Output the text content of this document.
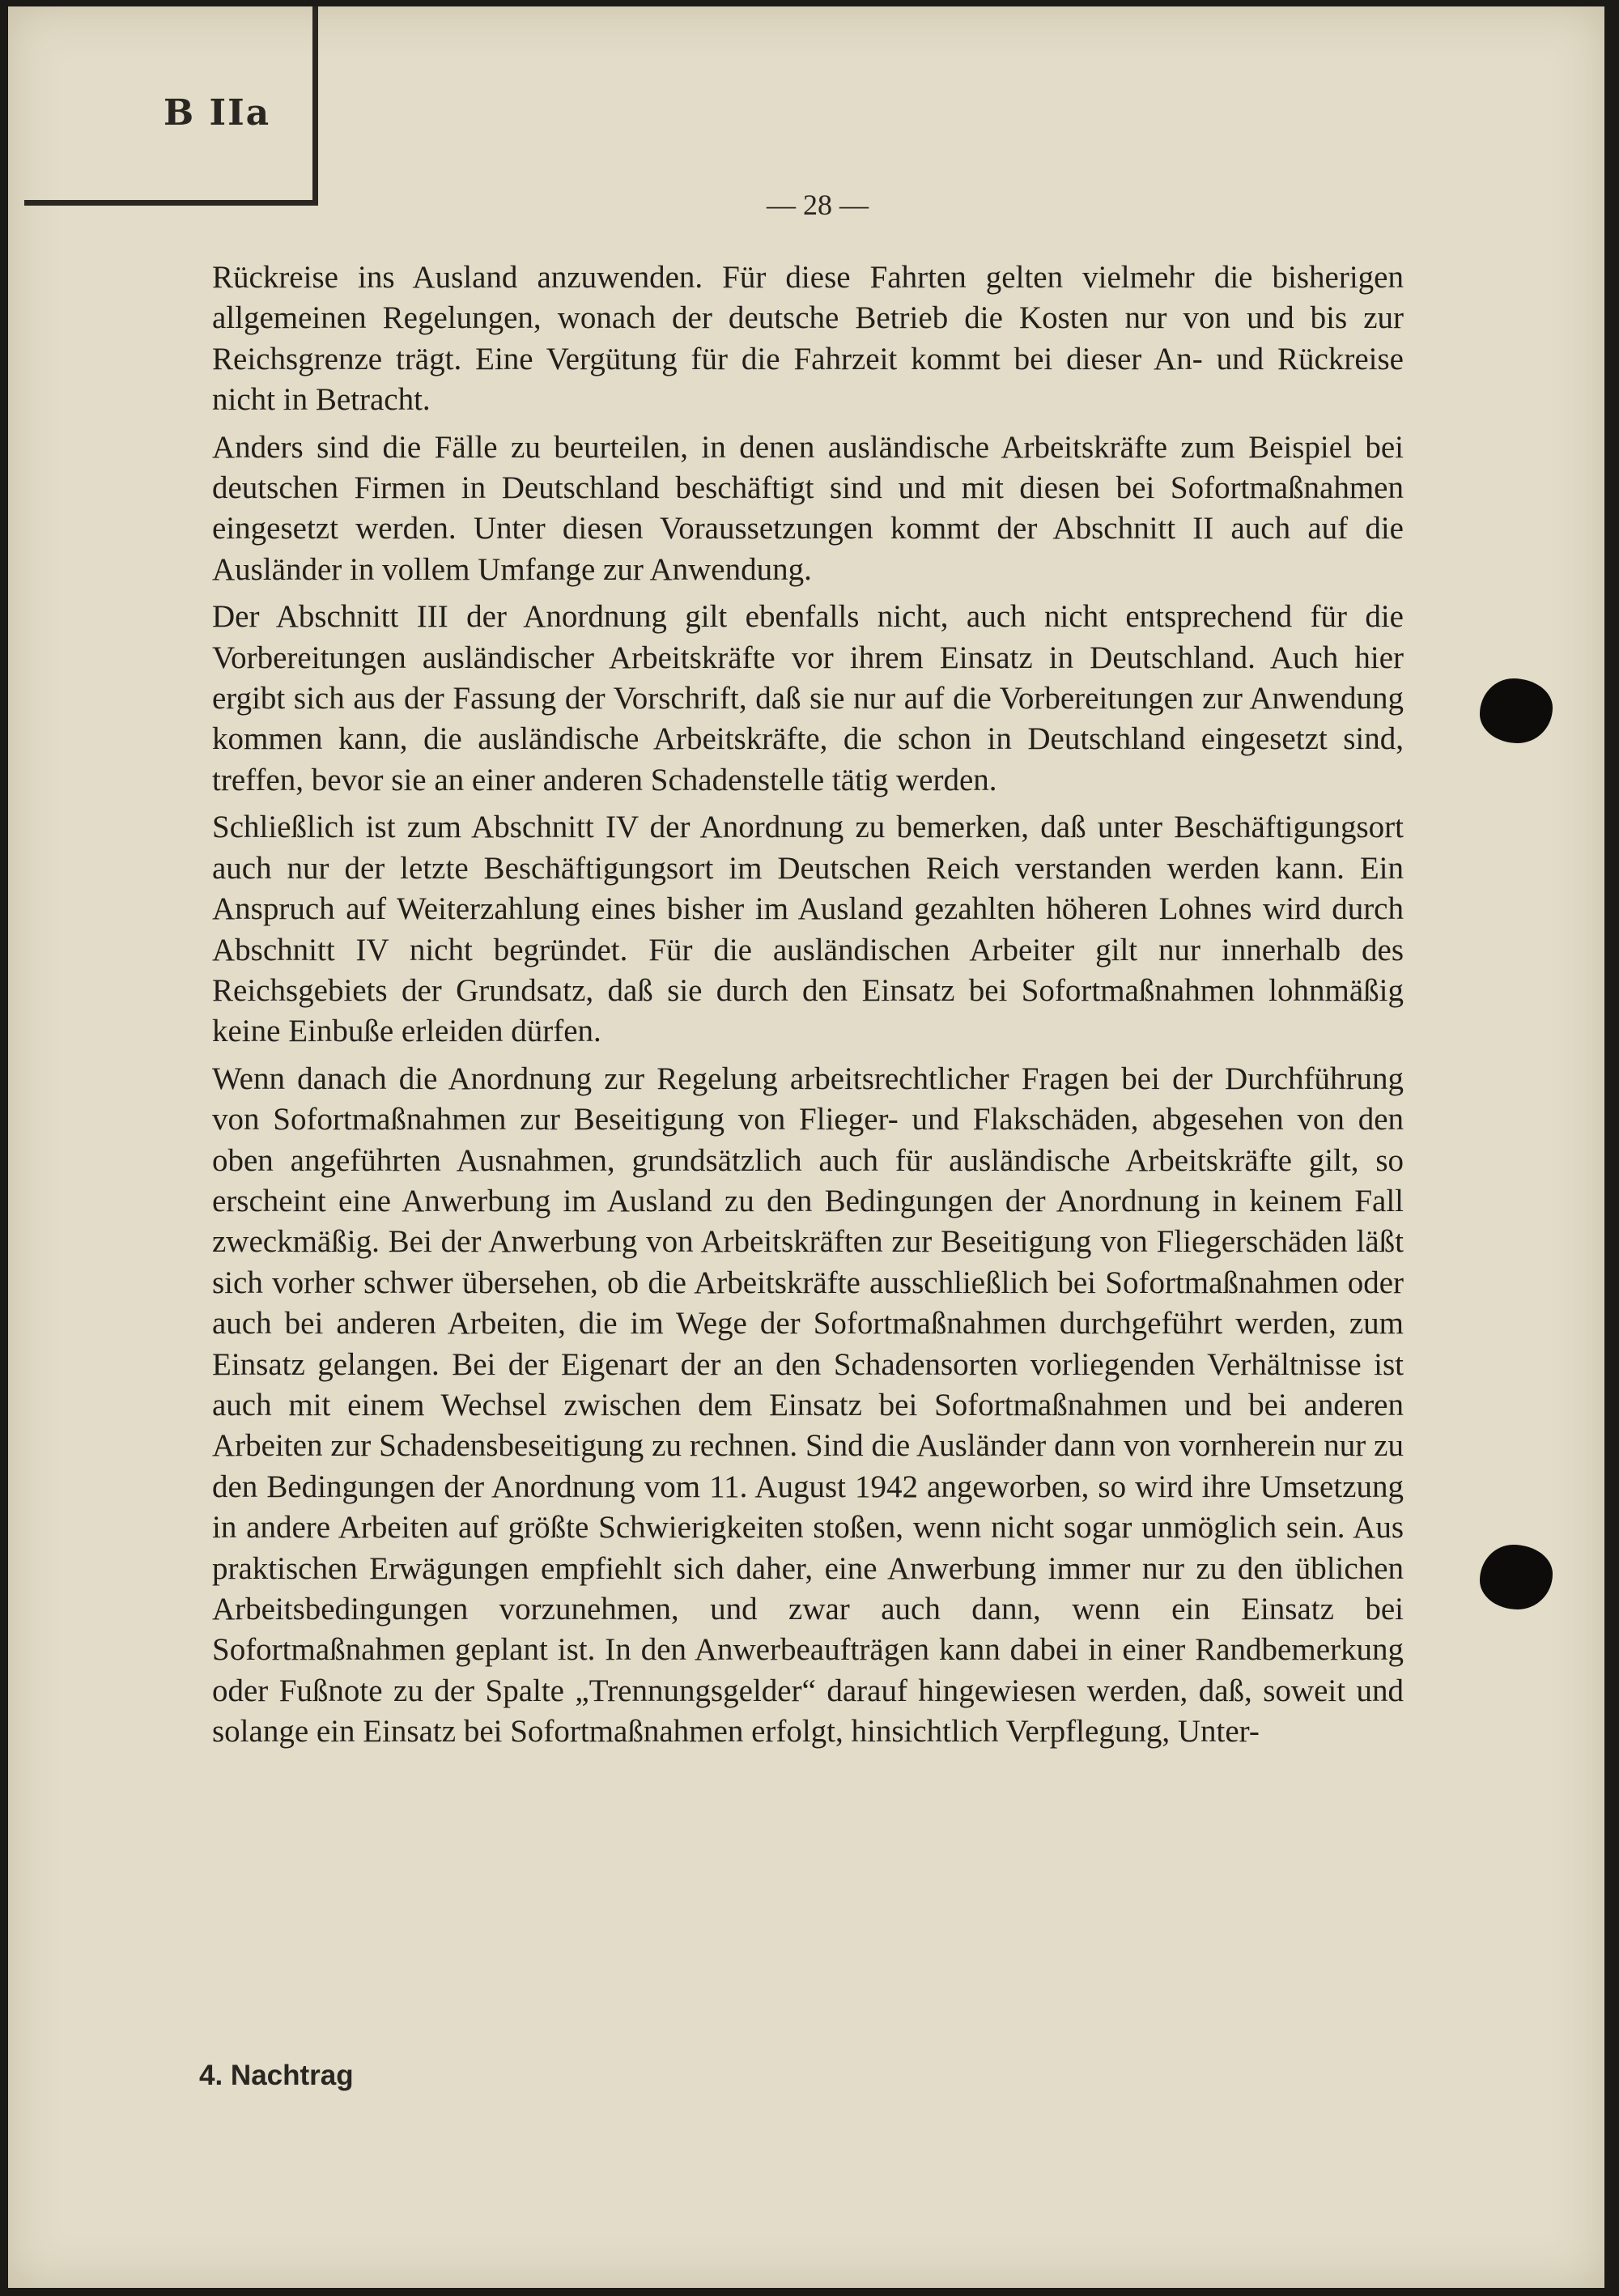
B IIa
— 28 —

Rückreise ins Ausland anzuwenden. Für diese Fahrten gelten vielmehr die bisherigen allgemeinen Regelungen, wonach der deutsche Betrieb die Kosten nur von und bis zur Reichsgrenze trägt. Eine Vergütung für die Fahrzeit kommt bei dieser An- und Rückreise nicht in Betracht.

Anders sind die Fälle zu beurteilen, in denen ausländische Arbeitskräfte zum Beispiel bei deutschen Firmen in Deutschland beschäftigt sind und mit diesen bei Sofortmaßnahmen eingesetzt werden. Unter diesen Voraussetzungen kommt der Abschnitt II auch auf die Ausländer in vollem Umfange zur Anwendung.

Der Abschnitt III der Anordnung gilt ebenfalls nicht, auch nicht entsprechend für die Vorbereitungen ausländischer Arbeitskräfte vor ihrem Einsatz in Deutschland. Auch hier ergibt sich aus der Fassung der Vorschrift, daß sie nur auf die Vorbereitungen zur Anwendung kommen kann, die ausländische Arbeitskräfte, die schon in Deutschland eingesetzt sind, treffen, bevor sie an einer anderen Schadenstelle tätig werden.

Schließlich ist zum Abschnitt IV der Anordnung zu bemerken, daß unter Beschäftigungsort auch nur der letzte Beschäftigungsort im Deutschen Reich verstanden werden kann. Ein Anspruch auf Weiterzahlung eines bisher im Ausland gezahlten höheren Lohnes wird durch Abschnitt IV nicht begründet. Für die ausländischen Arbeiter gilt nur innerhalb des Reichsgebiets der Grundsatz, daß sie durch den Einsatz bei Sofortmaßnahmen lohnmäßig keine Einbuße erleiden dürfen.

Wenn danach die Anordnung zur Regelung arbeitsrechtlicher Fragen bei der Durchführung von Sofortmaßnahmen zur Beseitigung von Flieger- und Flakschäden, abgesehen von den oben angeführten Ausnahmen, grundsätzlich auch für ausländische Arbeitskräfte gilt, so erscheint eine Anwerbung im Ausland zu den Bedingungen der Anordnung in keinem Fall zweckmäßig. Bei der Anwerbung von Arbeitskräften zur Beseitigung von Fliegerschäden läßt sich vorher schwer übersehen, ob die Arbeitskräfte ausschließlich bei Sofortmaßnahmen oder auch bei anderen Arbeiten, die im Wege der Sofortmaßnahmen durchgeführt werden, zum Einsatz gelangen. Bei der Eigenart der an den Schadensorten vorliegenden Verhältnisse ist auch mit einem Wechsel zwischen dem Einsatz bei Sofortmaßnahmen und bei anderen Arbeiten zur Schadensbeseitigung zu rechnen. Sind die Ausländer dann von vornherein nur zu den Bedingungen der Anordnung vom 11. August 1942 angeworben, so wird ihre Umsetzung in andere Arbeiten auf größte Schwierigkeiten stoßen, wenn nicht sogar unmöglich sein. Aus praktischen Erwägungen empfiehlt sich daher, eine Anwerbung immer nur zu den üblichen Arbeitsbedingungen vorzunehmen, und zwar auch dann, wenn ein Einsatz bei Sofortmaßnahmen geplant ist. In den Anwerbeaufträgen kann dabei in einer Randbemerkung oder Fußnote zu der Spalte „Trennungsgelder“ darauf hingewiesen werden, daß, soweit und solange ein Einsatz bei Sofortmaßnahmen erfolgt, hinsichtlich Verpflegung, Unter-

4. Nachtrag
